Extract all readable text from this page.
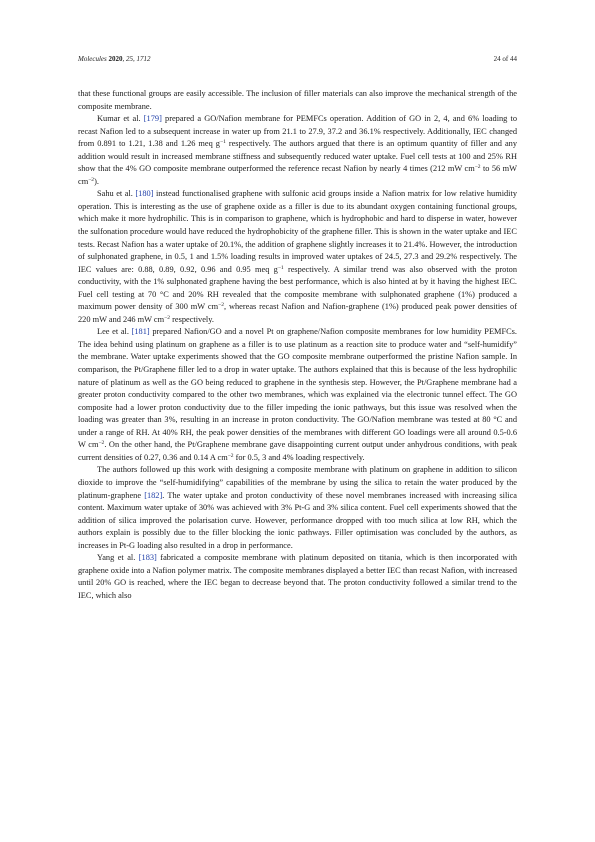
Molecules 2020, 25, 1712	24 of 44

that these functional groups are easily accessible. The inclusion of filler materials can also improve the mechanical strength of the composite membrane.

Kumar et al. [179] prepared a GO/Nafion membrane for PEMFCs operation. Addition of GO in 2, 4, and 6% loading to recast Nafion led to a subsequent increase in water up from 21.1 to 27.9, 37.2 and 36.1% respectively. Additionally, IEC changed from 0.891 to 1.21, 1.38 and 1.26 meq $g^{-1}$ respectively. The authors argued that there is an optimum quantity of filler and any addition would result in increased membrane stiffness and subsequently reduced water uptake. Fuel cell tests at 100 and 25% RH show that the 4% GO composite membrane outperformed the reference recast Nafion by nearly 4 times (212 mW $cm^{-2}$ to 56 mW $cm^{-2}$).

Sahu et al. [180] instead functionalised graphene with sulfonic acid groups inside a Nafion matrix for low relative humidity operation. This is interesting as the use of graphene oxide as a filler is due to its abundant oxygen containing functional groups, which make it more hydrophilic. This is in comparison to graphene, which is hydrophobic and hard to disperse in water, however the sulfonation procedure would have reduced the hydrophobicity of the graphene filler. This is shown in the water uptake and IEC tests. Recast Nafion has a water uptake of 20.1%, the addition of graphene slightly increases it to 21.4%. However, the introduction of sulphonated graphene, in 0.5, 1 and 1.5% loading results in improved water uptakes of 24.5, 27.3 and 29.2% respectively. The IEC values are: 0.88, 0.89, 0.92, 0.96 and 0.95 meq $g^{-1}$ respectively. A similar trend was also observed with the proton conductivity, with the 1% sulphonated graphene having the best performance, which is also hinted at by it having the highest IEC. Fuel cell testing at 70 °C and 20% RH revealed that the composite membrane with sulphonated graphene (1%) produced a maximum power density of 300 mW $cm^{-2}$, whereas recast Nafion and Nafion-graphene (1%) produced peak power densities of 220 mW and 246 mW $cm^{-2}$ respectively.

Lee et al. [181] prepared Nafion/GO and a novel Pt on graphene/Nafion composite membranes for low humidity PEMFCs. The idea behind using platinum on graphene as a filler is to use platinum as a reaction site to produce water and “self-humidify” the membrane. Water uptake experiments showed that the GO composite membrane outperformed the pristine Nafion sample. In comparison, the Pt/Graphene filler led to a drop in water uptake. The authors explained that this is because of the less hydrophilic nature of platinum as well as the GO being reduced to graphene in the synthesis step. However, the Pt/Graphene membrane had a greater proton conductivity compared to the other two membranes, which was explained via the electronic tunnel effect. The GO composite had a lower proton conductivity due to the filler impeding the ionic pathways, but this issue was resolved when the loading was greater than 3%, resulting in an increase in proton conductivity. The GO/Nafion membrane was tested at 80 °C and under a range of RH. At 40% RH, the peak power densities of the membranes with different GO loadings were all around 0.5-0.6 W $cm^{-2}$. On the other hand, the Pt/Graphene membrane gave disappointing current output under anhydrous conditions, with peak current densities of 0.27, 0.36 and 0.14 A $cm^{-2}$ for 0.5, 3 and 4% loading respectively.

The authors followed up this work with designing a composite membrane with platinum on graphene in addition to silicon dioxide to improve the “self-humidifying” capabilities of the membrane by using the silica to retain the water produced by the platinum-graphene [182]. The water uptake and proton conductivity of these novel membranes increased with increasing silica content. Maximum water uptake of 30% was achieved with 3% Pt-G and 3% silica content. Fuel cell experiments showed that the addition of silica improved the polarisation curve. However, performance dropped with too much silica at low RH, which the authors explain is possibly due to the filler blocking the ionic pathways. Filler optimisation was concluded by the authors, as increases in Pt-G loading also resulted in a drop in performance.

Yang et al. [183] fabricated a composite membrane with platinum deposited on titania, which is then incorporated with graphene oxide into a Nafion polymer matrix. The composite membranes displayed a better IEC than recast Nafion, with increased until 20% GO is reached, where the IEC began to decrease beyond that. The proton conductivity followed a similar trend to the IEC, which also
